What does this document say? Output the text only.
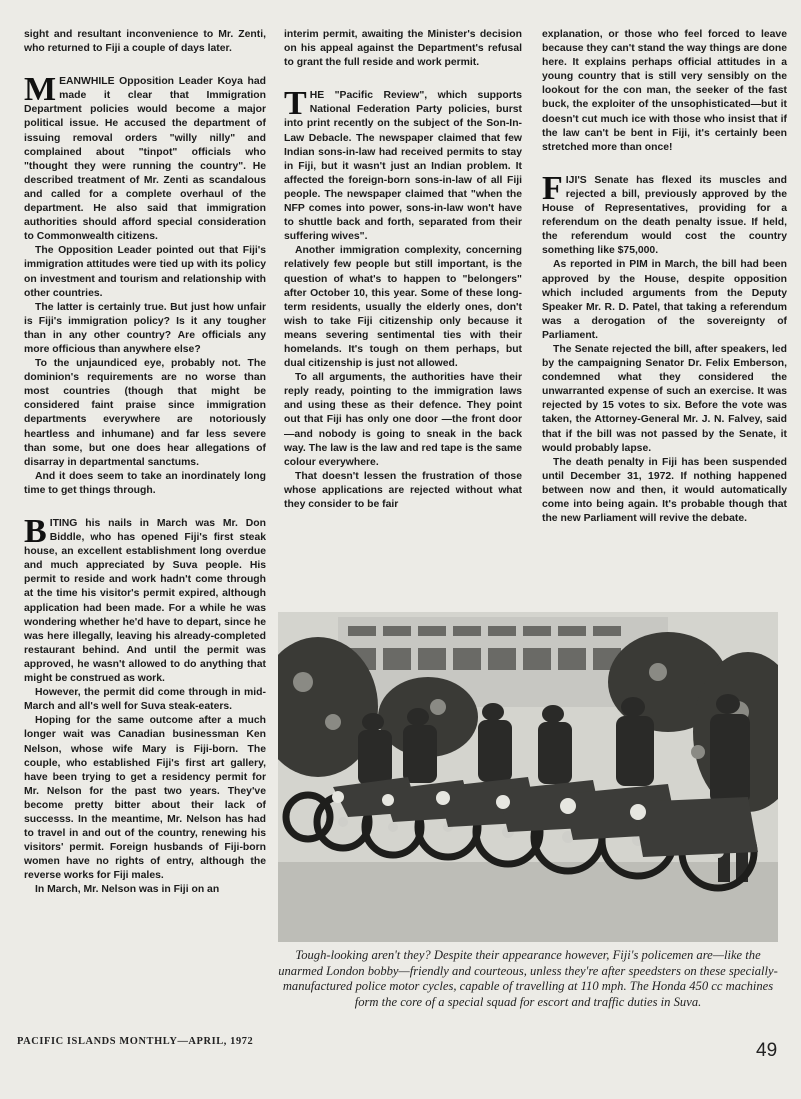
sight and resultant inconvenience to Mr. Zenti, who returned to Fiji a couple of days later.

MEANWHILE Opposition Leader Koya had made it clear that Immigration Department policies would become a major political issue. He accused the department of issuing removal orders "willy nilly" and complained about "tinpot" officials who "thought they were running the country". He described treatment of Mr. Zenti as scandalous and called for a complete overhaul of the department. He also said that immigration authorities should afford special consideration to Commonwealth citizens.

The Opposition Leader pointed out that Fiji's immigration attitudes were tied up with its policy on investment and tourism and relationship with other countries.

The latter is certainly true. But just how unfair is Fiji's immigration policy? Is it any tougher than in any other country? Are officials any more officious than anywhere else?

To the unjaundiced eye, probably not. The dominion's requirements are no worse than most countries (though that might be considered faint praise since immigration departments everywhere are notoriously heartless and inhumane) and far less severe than some, but one does hear allegations of disarray in departmental sanctums.

And it does seem to take an inordinately long time to get things through.

BITING his nails in March was Mr. Don Biddle, who has opened Fiji's first steak house, an excellent establishment long overdue and much appreciated by Suva people. His permit to reside and work hadn't come through at the time his visitor's permit expired, although application had been made. For a while he was wondering whether he'd have to depart, since he was here illegally, leaving his already-completed restaurant behind. And until the permit was approved, he wasn't allowed to do anything that might be construed as work.

However, the permit did come through in mid-March and all's well for Suva steak-eaters.

Hoping for the same outcome after a much longer wait was Canadian businessman Ken Nelson, whose wife Mary is Fiji-born. The couple, who established Fiji's first art gallery, have been trying to get a residency permit for Mr. Nelson for the past two years. They've become pretty bitter about their lack of successs. In the meantime, Mr. Nelson has had to travel in and out of the country, renewing his visitors' permit. Foreign husbands of Fiji-born women have no rights of entry, although the reverse works for Fiji males.

In March, Mr. Nelson was in Fiji on an

interim permit, awaiting the Minister's decision on his appeal against the Department's refusal to grant the full reside and work permit.

THE "Pacific Review", which supports National Federation Party policies, burst into print recently on the subject of the Son-In-Law Debacle. The newspaper claimed that few Indian sons-in-law had received permits to stay in Fiji, but it wasn't just an Indian problem. It affected the foreign-born sons-in-law of all Fiji people. The newspaper claimed that "when the NFP comes into power, sons-in-law won't have to shuttle back and forth, separated from their suffering wives".

Another immigration complexity, concerning relatively few people but still important, is the question of what's to happen to "belongers" after October 10, this year. Some of these long-term residents, usually the elderly ones, don't wish to take Fiji citizenship only because it means severing sentimental ties with their homelands. It's tough on them perhaps, but dual citizenship is just not allowed.

To all arguments, the authorities have their reply ready, pointing to the immigration laws and using these as their defence. They point out that Fiji has only one door —the front door—and nobody is going to sneak in the back way. The law is the law and red tape is the same colour everywhere.

That doesn't lessen the frustration of those whose applications are rejected without what they consider to be fair

explanation, or those who feel forced to leave because they can't stand the way things are done here. It explains perhaps official attitudes in a young country that is still very sensibly on the lookout for the con man, the seeker of the fast buck, the exploiter of the unsophisticated—but it doesn't cut much ice with those who insist that if the law can't be bent in Fiji, it's certainly been stretched more than once!

FIJI'S Senate has flexed its muscles and rejected a bill, previously approved by the House of Representatives, providing for a referendum on the death penalty issue. If held, the referendum would cost the country something like $75,000.

As reported in PIM in March, the bill had been approved by the House, despite opposition which included arguments from the Deputy Speaker Mr. R. D. Patel, that taking a referendum was a derogation of the sovereignty of Parliament.

The Senate rejected the bill, after speakers, led by the campaigning Senator Dr. Felix Emberson, condemned what they considered the unwarranted expense of such an exercise. It was rejected by 15 votes to six. Before the vote was taken, the Attorney-General Mr. J. N. Falvey, said that if the bill was not passed by the Senate, it would probably lapse.

The death penalty in Fiji has been suspended until December 31, 1972. If nothing happened between now and then, it would automatically come into being again. It's probable though that the new Parliament will revive the debate.

Tough-looking aren't they? Despite their appearance however, Fiji's policemen are—like the unarmed London bobby—friendly and courteous, unless they're after speedsters on these specially-manufactured police motor cycles, capable of travelling at 110 mph. The Honda 450 cc machines form the core of a special squad for escort and traffic duties in Suva.
PACIFIC ISLANDS MONTHLY—APRIL, 1972	49
